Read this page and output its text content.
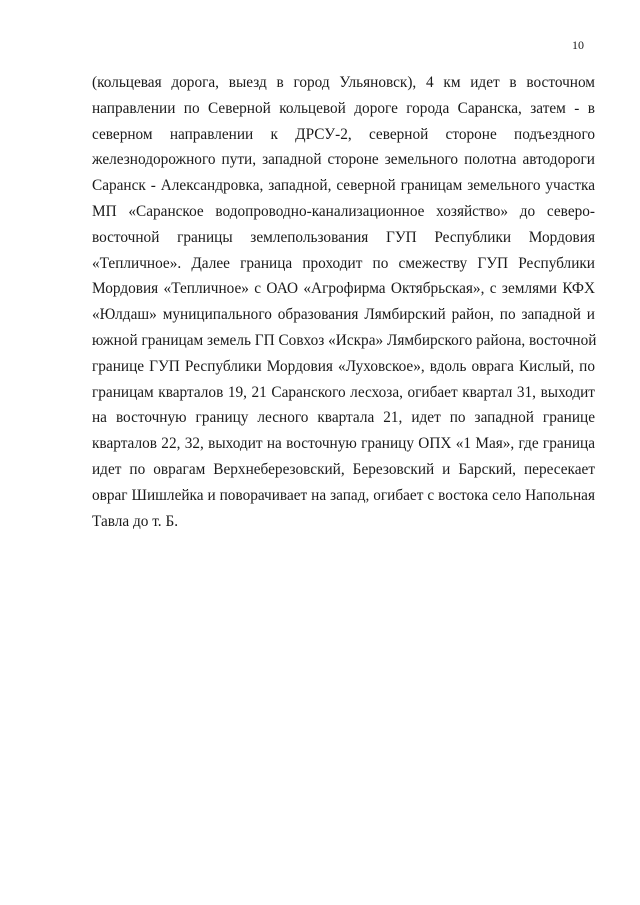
10
(кольцевая дорога, выезд в город Ульяновск), 4 км идет в восточном
направлении по Северной кольцевой дороге города Саранска, затем - в
северном направлении к ДРСУ-2, северной стороне подъездного
железнодорожного пути, западной стороне земельного полотна автодороги
Саранск - Александровка, западной, северной границам земельного участка
МП «Саранское водопроводно-канализационное хозяйство» до северо-
восточной границы землепользования ГУП Республики Мордовия
«Тепличное». Далее граница проходит по смежеству ГУП Республики
Мордовия «Тепличное» с ОАО «Агрофирма Октябрьская», с землями КФХ
«Юлдаш» муниципального образования Лямбирский район, по западной и
южной границам земель ГП Совхоз «Искра» Лямбирского района, восточной
границе ГУП Республики Мордовия «Луховское», вдоль оврага Кислый, по
границам кварталов 19, 21 Саранского лесхоза, огибает квартал 31, выходит
на восточную границу лесного квартала 21, идет по западной границе
кварталов 22, 32, выходит на восточную границу ОПХ «1 Мая», где граница
идет по оврагам Верхнеберезовский, Березовский и Барский, пересекает
овраг Шишлейка и поворачивает на запад, огибает с востока село Напольная
Тавла до т. Б.
